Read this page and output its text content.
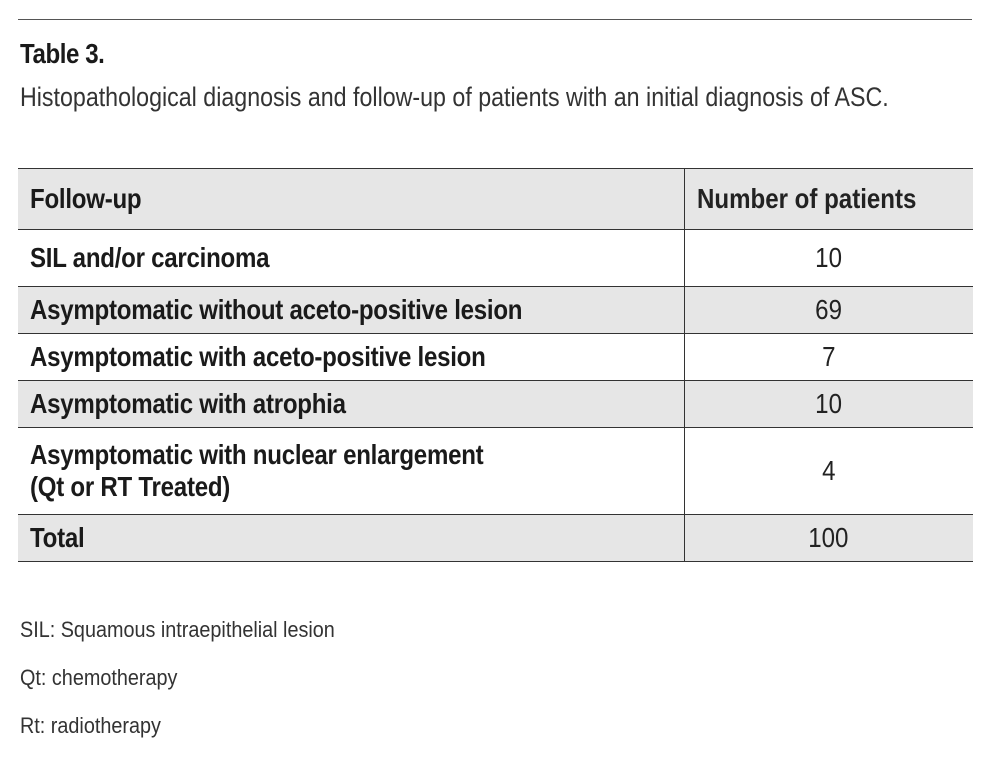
Table 3.
Histopathological diagnosis and follow-up of patients with an initial diagnosis of ASC.
Follow-up	Number of patients
SIL and/or carcinoma	10
Asymptomatic without aceto-positive lesion	69
Asymptomatic with aceto-positive lesion	7
Asymptomatic with atrophia	10

Asymptomatic with nuclear enlargement
(Qt or RT Treated)	4
Total	100
SIL: Squamous intraepithelial lesion
Qt: chemotherapy
Rt: radiotherapy
